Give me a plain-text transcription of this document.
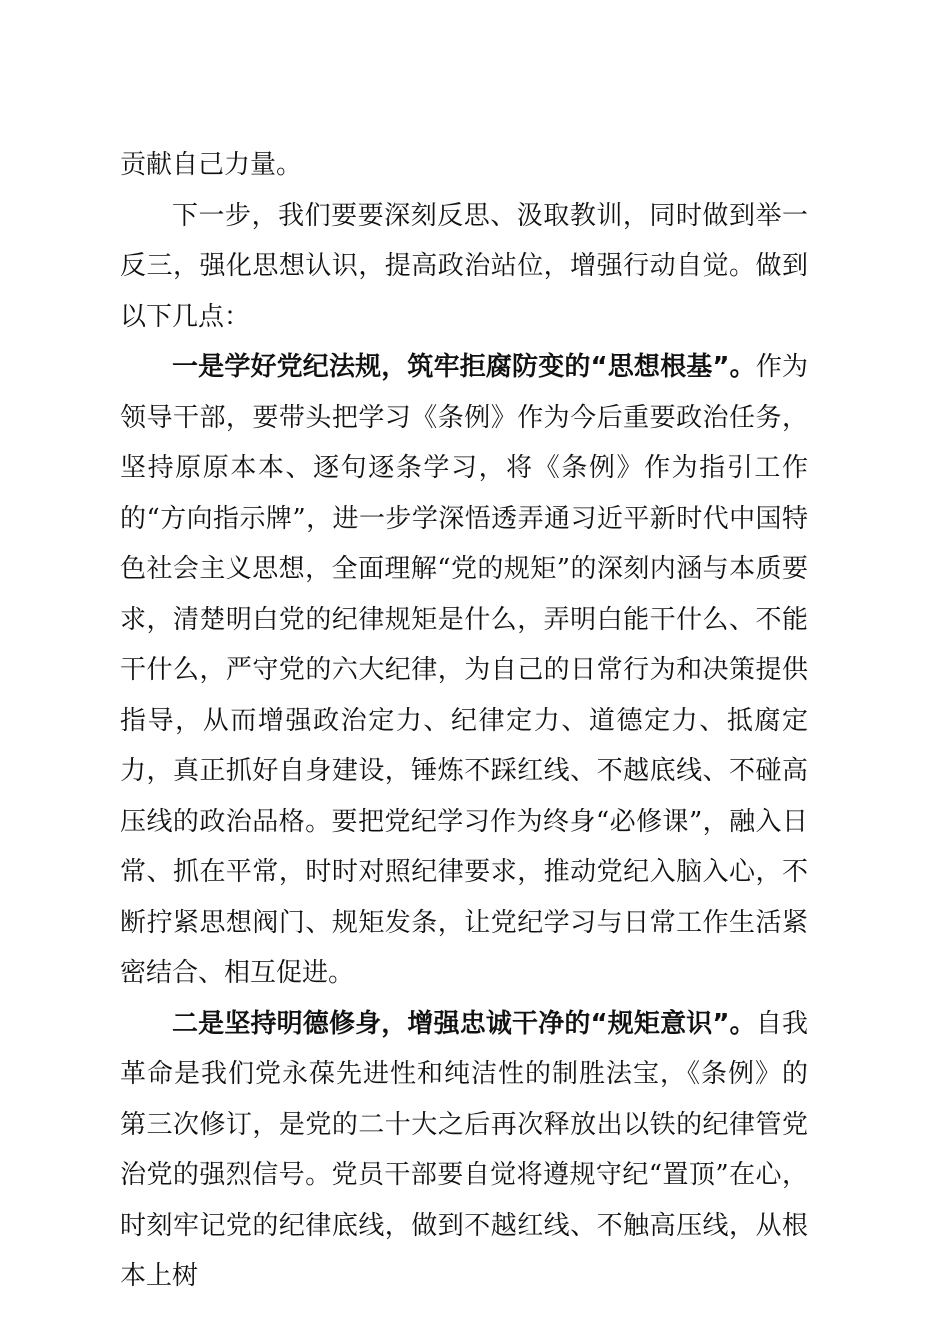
贡献自己力量。

下一步，我们要要深刻反思、汲取教训，同时做到举一反三，强化思想认识，提高政治站位，增强行动自觉。做到以下几点：

一是学好党纪法规，筑牢拒腐防变的“思想根基”。作为领导干部，要带头把学习《条例》作为今后重要政治任务，坚持原原本本、逐句逐条学习，将《条例》作为指引工作的“方向指示牌”，进一步学深悟透弄通习近平新时代中国特色社会主义思想，全面理解“党的规矩”的深刻内涵与本质要求，清楚明白党的纪律规矩是什么，弄明白能干什么、不能干什么，严守党的六大纪律，为自己的日常行为和决策提供指导，从而增强政治定力、纪律定力、道德定力、抵腐定力，真正抓好自身建设，锤炼不踩红线、不越底线、不碰高压线的政治品格。要把党纪学习作为终身“必修课”，融入日常、抓在平常，时时对照纪律要求，推动党纪入脑入心，不断拧紧思想阀门、规矩发条，让党纪学习与日常工作生活紧密结合、相互促进。

二是坚持明德修身，增强忠诚干净的“规矩意识”。自我革命是我们党永葆先进性和纯洁性的制胜法宝，《条例》的第三次修订，是党的二十大之后再次释放出以铁的纪律管党治党的强烈信号。党员干部要自觉将遵规守纪“置顶”在心，时刻牢记党的纪律底线，做到不越红线、不触高压线，从根本上树
